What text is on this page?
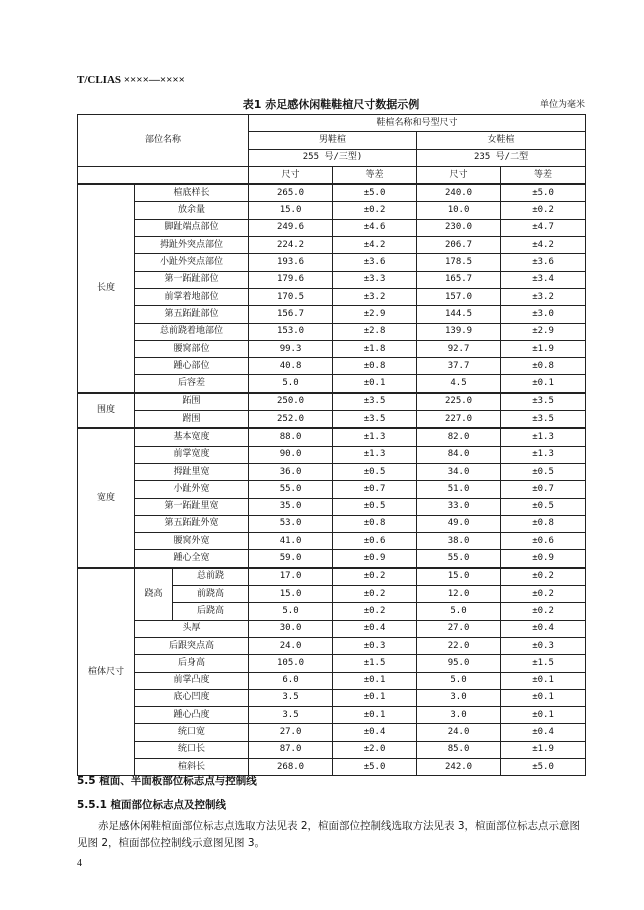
T/CLIAS ××××—××××
表1 赤足感休闲鞋鞋楦尺寸数据示例	单位为毫米
部位名称			鞋楦名称和号型尺寸			
			男鞋楦		女鞋楦	
			255 号/三型)		235 号/二型	
			尺寸	等差	尺寸	等差
长度	楦底样长		265.0	±5.0	240.0	±5.0
	放余量		15.0	±0.2	10.0	±0.2
	脚趾端点部位		249.6	±4.6	230.0	±4.7
	拇趾外突点部位		224.2	±4.2	206.7	±4.2
	小趾外突点部位		193.6	±3.6	178.5	±3.6
	第一跖趾部位		179.6	±3.3	165.7	±3.4
	前掌着地部位		170.5	±3.2	157.0	±3.2
	第五跖趾部位		156.7	±2.9	144.5	±3.0
	总前跷着地部位		153.0	±2.8	139.9	±2.9
	腰窝部位		99.3	±1.8	92.7	±1.9
	踵心部位		40.8	±0.8	37.7	±0.8
	后容差		5.0	±0.1	4.5	±0.1
围度	跖围		250.0	±3.5	225.0	±3.5
	跗围		252.0	±3.5	227.0	±3.5
宽度	基本宽度		88.0	±1.3	82.0	±1.3
	前掌宽度		90.0	±1.3	84.0	±1.3
	拇趾里宽		36.0	±0.5	34.0	±0.5
	小趾外宽		55.0	±0.7	51.0	±0.7
	第一跖趾里宽		35.0	±0.5	33.0	±0.5
	第五跖趾外宽		53.0	±0.8	49.0	±0.8
	腰窝外宽		41.0	±0.6	38.0	±0.6
	踵心全宽		59.0	±0.9	55.0	±0.9
楦体尺寸	跷高	总前跷	17.0	±0.2	15.0	±0.2
		前跷高	15.0	±0.2	12.0	±0.2
		后跷高	5.0	±0.2	5.0	±0.2
	头厚		30.0	±0.4	27.0	±0.4
	后跟突点高		24.0	±0.3	22.0	±0.3
	后身高		105.0	±1.5	95.0	±1.5
	前掌凸度		6.0	±0.1	5.0	±0.1
	底心凹度		3.5	±0.1	3.0	±0.1
	踵心凸度		3.5	±0.1	3.0	±0.1
	统口宽		27.0	±0.4	24.0	±0.4
	统口长		87.0	±2.0	85.0	±1.9
	楦斜长		268.0	±5.0	242.0	±5.0
5.5 楦面、半面板部位标志点与控制线
5.5.1 楦面部位标志点及控制线
赤足感休闲鞋楦面部位标志点选取方法见表 2，楦面部位控制线选取方法见表 3，楦面部位标志点示意图见图 2，楦面部位控制线示意图见图 3。
4
